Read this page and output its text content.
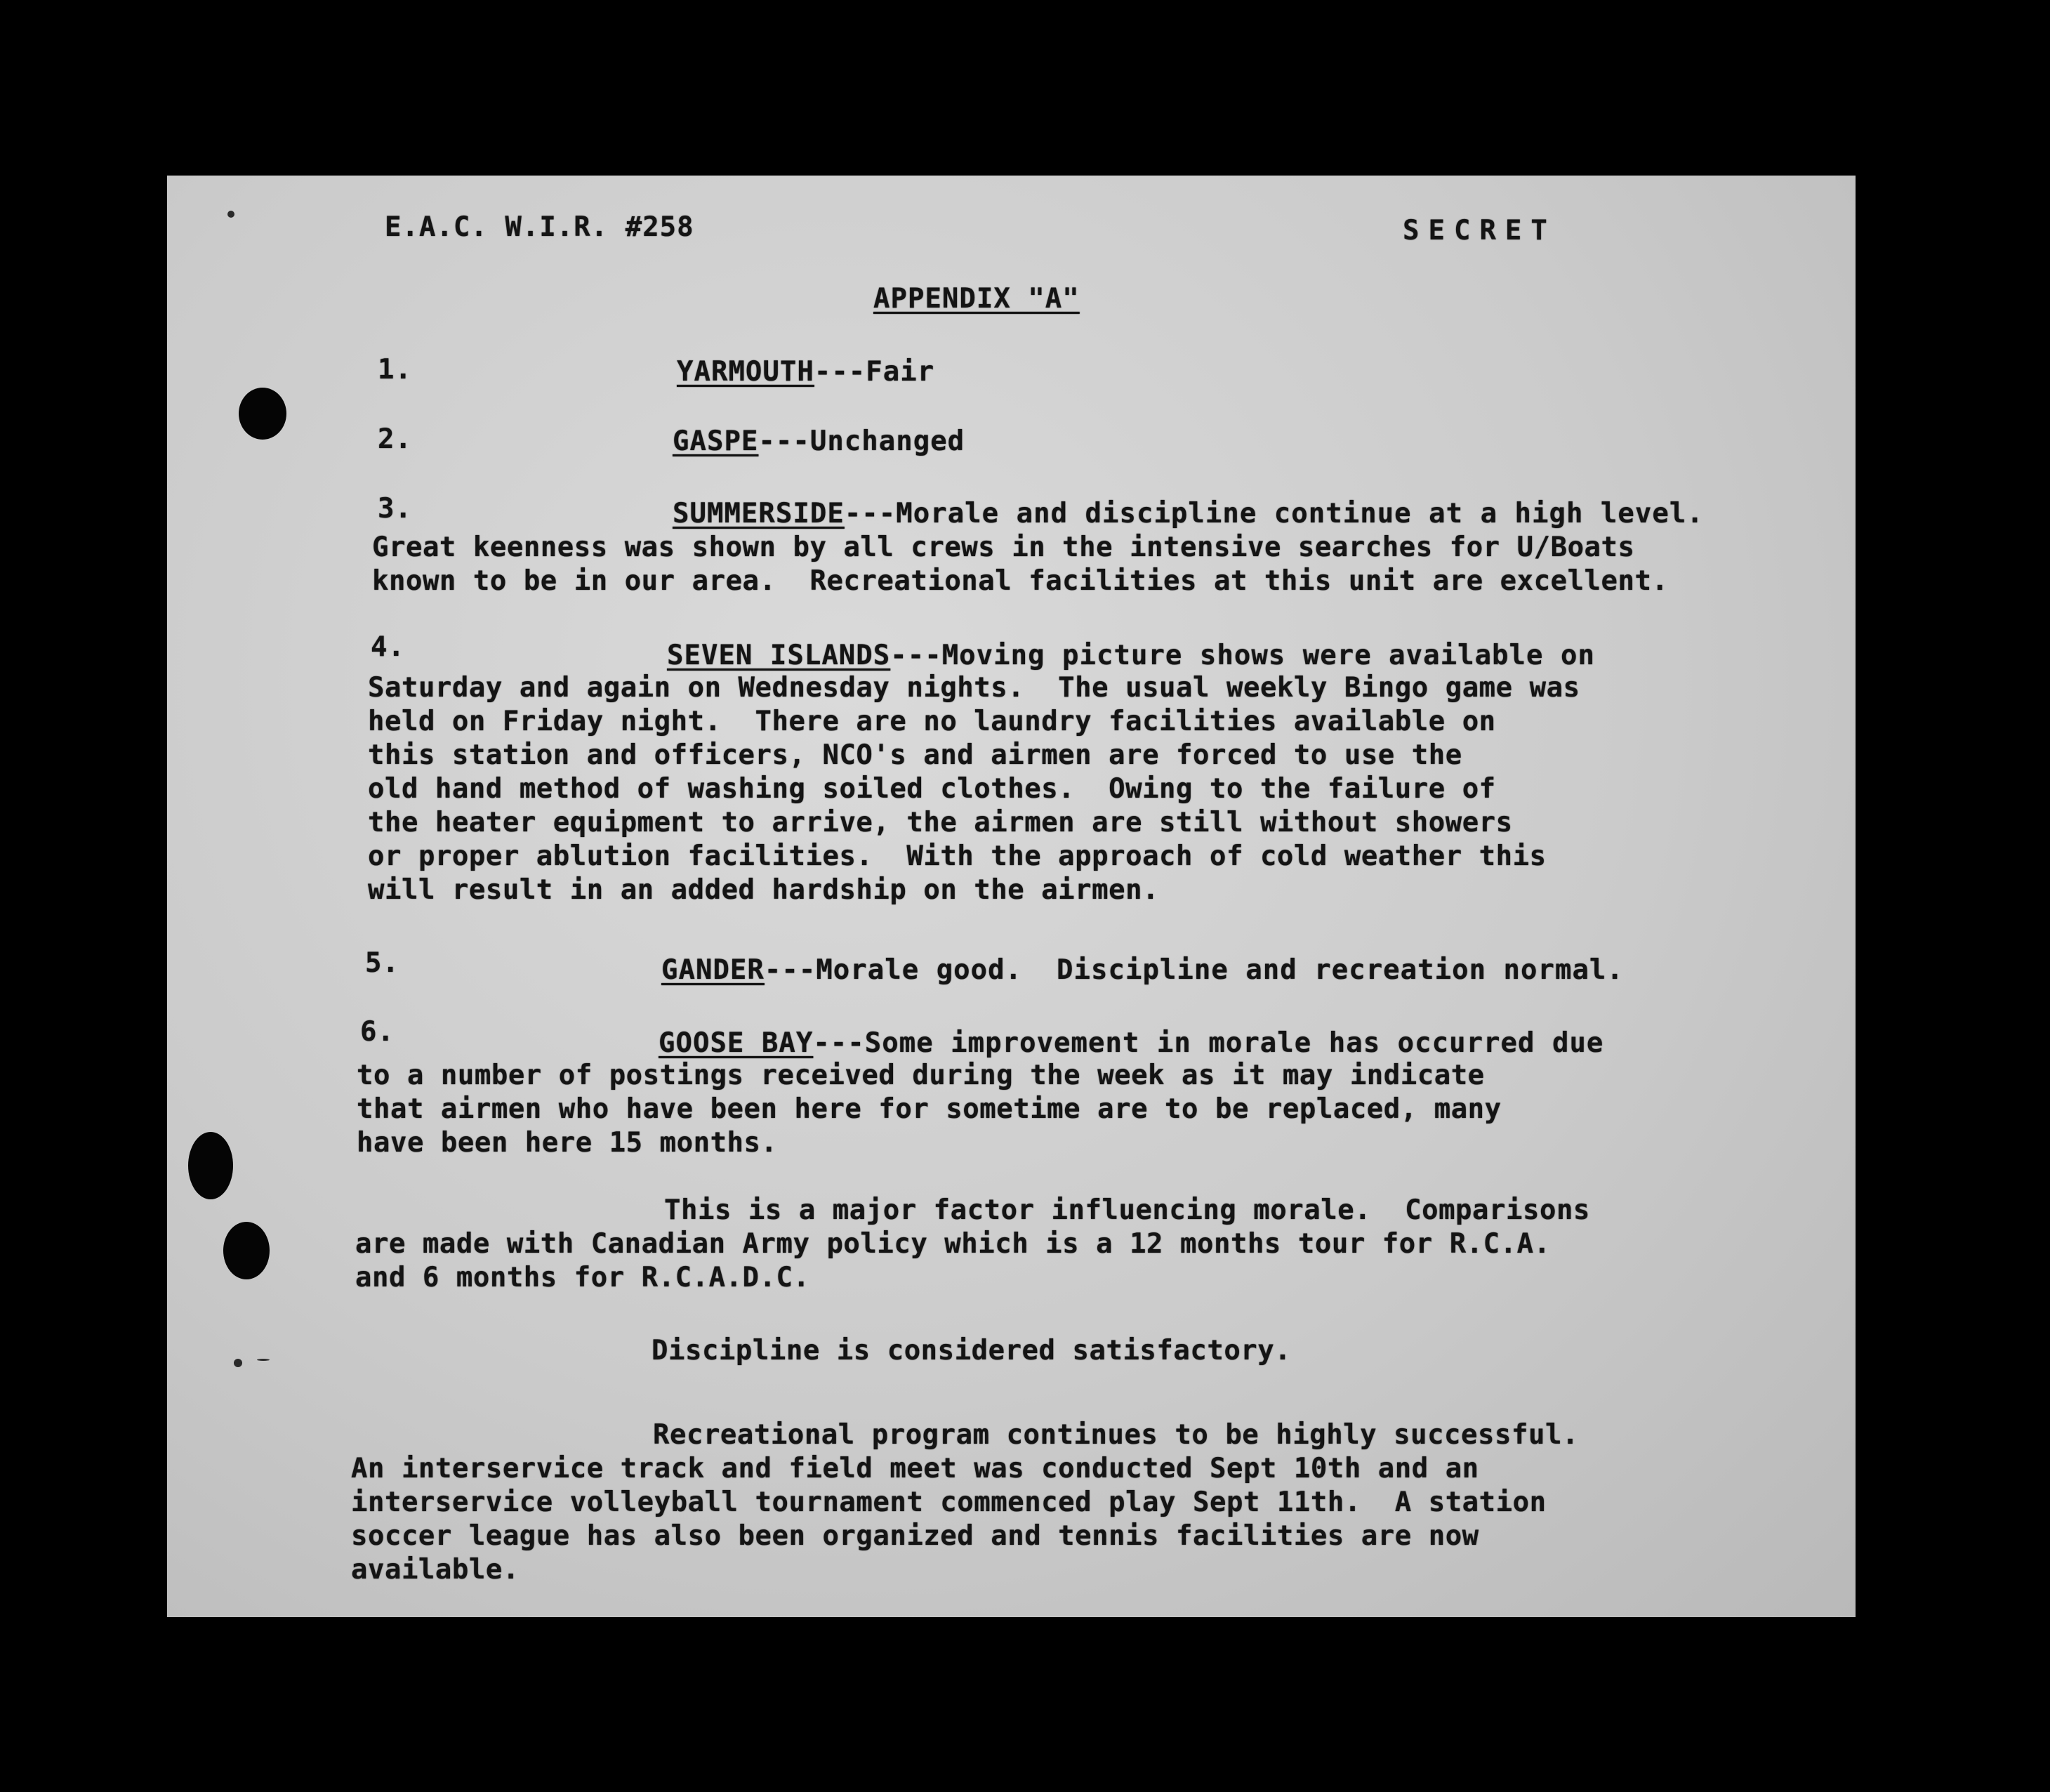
E.A.C. W.I.R. #258	SECRET
APPENDIX "A"
1.	YARMOUTH---Fair
2.	GASPE---Unchanged
3.	SUMMERSIDE---Morale and discipline continue at a high level.
Great keenness was shown by all crews in the intensive searches for U/Boats
known to be in our area.  Recreational facilities at this unit are excellent.
4.	SEVEN ISLANDS---Moving picture shows were available on
Saturday and again on Wednesday nights.  The usual weekly Bingo game was
held on Friday night.  There are no laundry facilities available on
this station and officers, NCO's and airmen are forced to use the
old hand method of washing soiled clothes.  Owing to the failure of
the heater equipment to arrive, the airmen are still without showers
or proper ablution facilities.  With the approach of cold weather this
will result in an added hardship on the airmen.
5.	GANDER---Morale good.  Discipline and recreation normal.
6.	GOOSE BAY---Some improvement in morale has occurred due
to a number of postings received during the week as it may indicate
that airmen who have been here for sometime are to be replaced, many
have been here 15 months.
This is a major factor influencing morale.  Comparisons
are made with Canadian Army policy which is a 12 months tour for R.C.A.
and 6 months for R.C.A.D.C.
Discipline is considered satisfactory.
Recreational program continues to be highly successful.
An interservice track and field meet was conducted Sept 10th and an
interservice volleyball tournament commenced play Sept 11th.  A station
soccer league has also been organized and tennis facilities are now
available.
